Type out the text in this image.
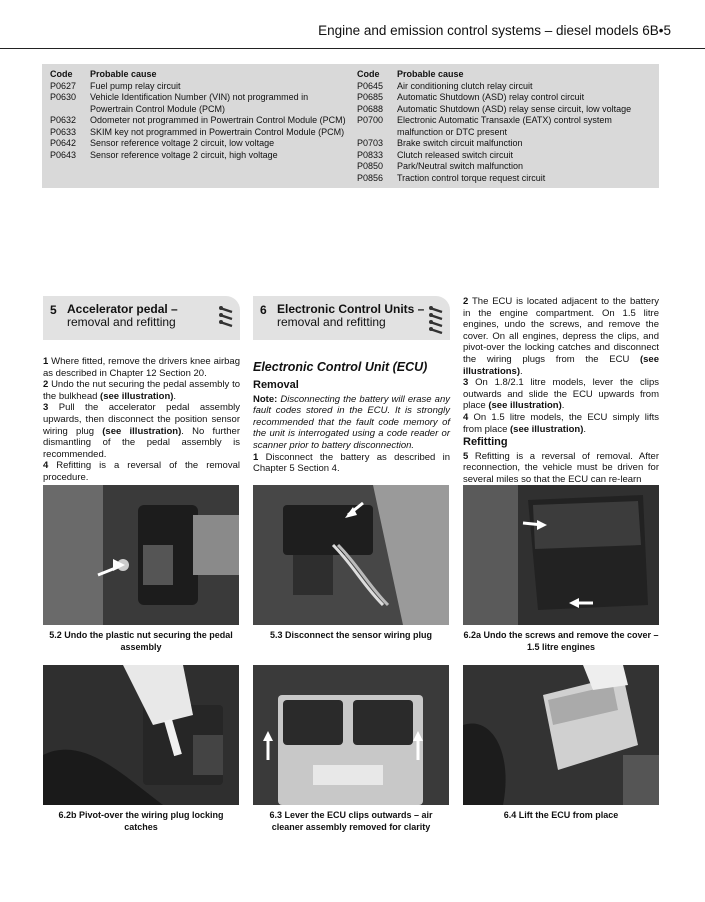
Engine and emission control systems – diesel models 6B•5
Code	Probable cause
P0627	Fuel pump relay circuit
P0630	Vehicle Identification Number (VIN) not programmed in Powertrain Control Module (PCM)
P0632	Odometer not programmed in Powertrain Control Module (PCM)
P0633	SKIM key not programmed in Powertrain Control Module (PCM)
P0642	Sensor reference voltage 2 circuit, low voltage
P0643	Sensor reference voltage 2 circuit, high voltage
Code	Probable cause
P0645	Air conditioning clutch relay circuit
P0685	Automatic Shutdown (ASD) relay control circuit
P0688	Automatic Shutdown (ASD) relay sense circuit, low voltage
P0700	Electronic Automatic Transaxle (EATX) control system malfunction or DTC present
P0703	Brake switch circuit malfunction
P0833	Clutch released switch circuit
P0850	Park/Neutral switch malfunction
P0856	Traction control torque request circuit
5 Accelerator pedal –
removal and refitting
6 Electronic Control Units –
removal and refitting

1 Where fitted, remove the drivers knee airbag as described in Chapter 12 Section 20.

2 Undo the nut securing the pedal assembly to the bulkhead (see illustration).

3 Pull the accelerator pedal assembly upwards, then disconnect the position sensor wiring plug (see illustration). No further dismantling of the pedal assembly is recommended.

4 Refitting is a reversal of the removal procedure.

Electronic Control Unit (ECU)
Removal

Note: Disconnecting the battery will erase any fault codes stored in the ECU. It is strongly recommended that the fault code memory of the unit is interrogated using a code reader or scanner prior to battery disconnection.

1 Disconnect the battery as described in Chapter 5 Section 4.

2 The ECU is located adjacent to the battery in the engine compartment. On 1.5 litre engines, undo the screws, and remove the cover. On all engines, depress the clips, and pivot-over the locking catches and disconnect the wiring plugs from the ECU (see illustrations).

3 On 1.8/2.1 litre models, lever the clips outwards and slide the ECU upwards from place (see illustration).

4 On 1.5 litre models, the ECU simply lifts from place (see illustration).

Refitting

5 Refitting is a reversal of removal. After reconnection, the vehicle must be driven for several miles so that the ECU can re-learn

5.2 Undo the plastic nut securing the pedal assembly
5.3 Disconnect the sensor wiring plug	6.2a Undo the screws and remove the cover – 1.5 litre engines
6.2b Pivot-over the wiring plug locking catches
6.3 Lever the ECU clips outwards – air cleaner assembly removed for clarity
6.4 Lift the ECU from place
